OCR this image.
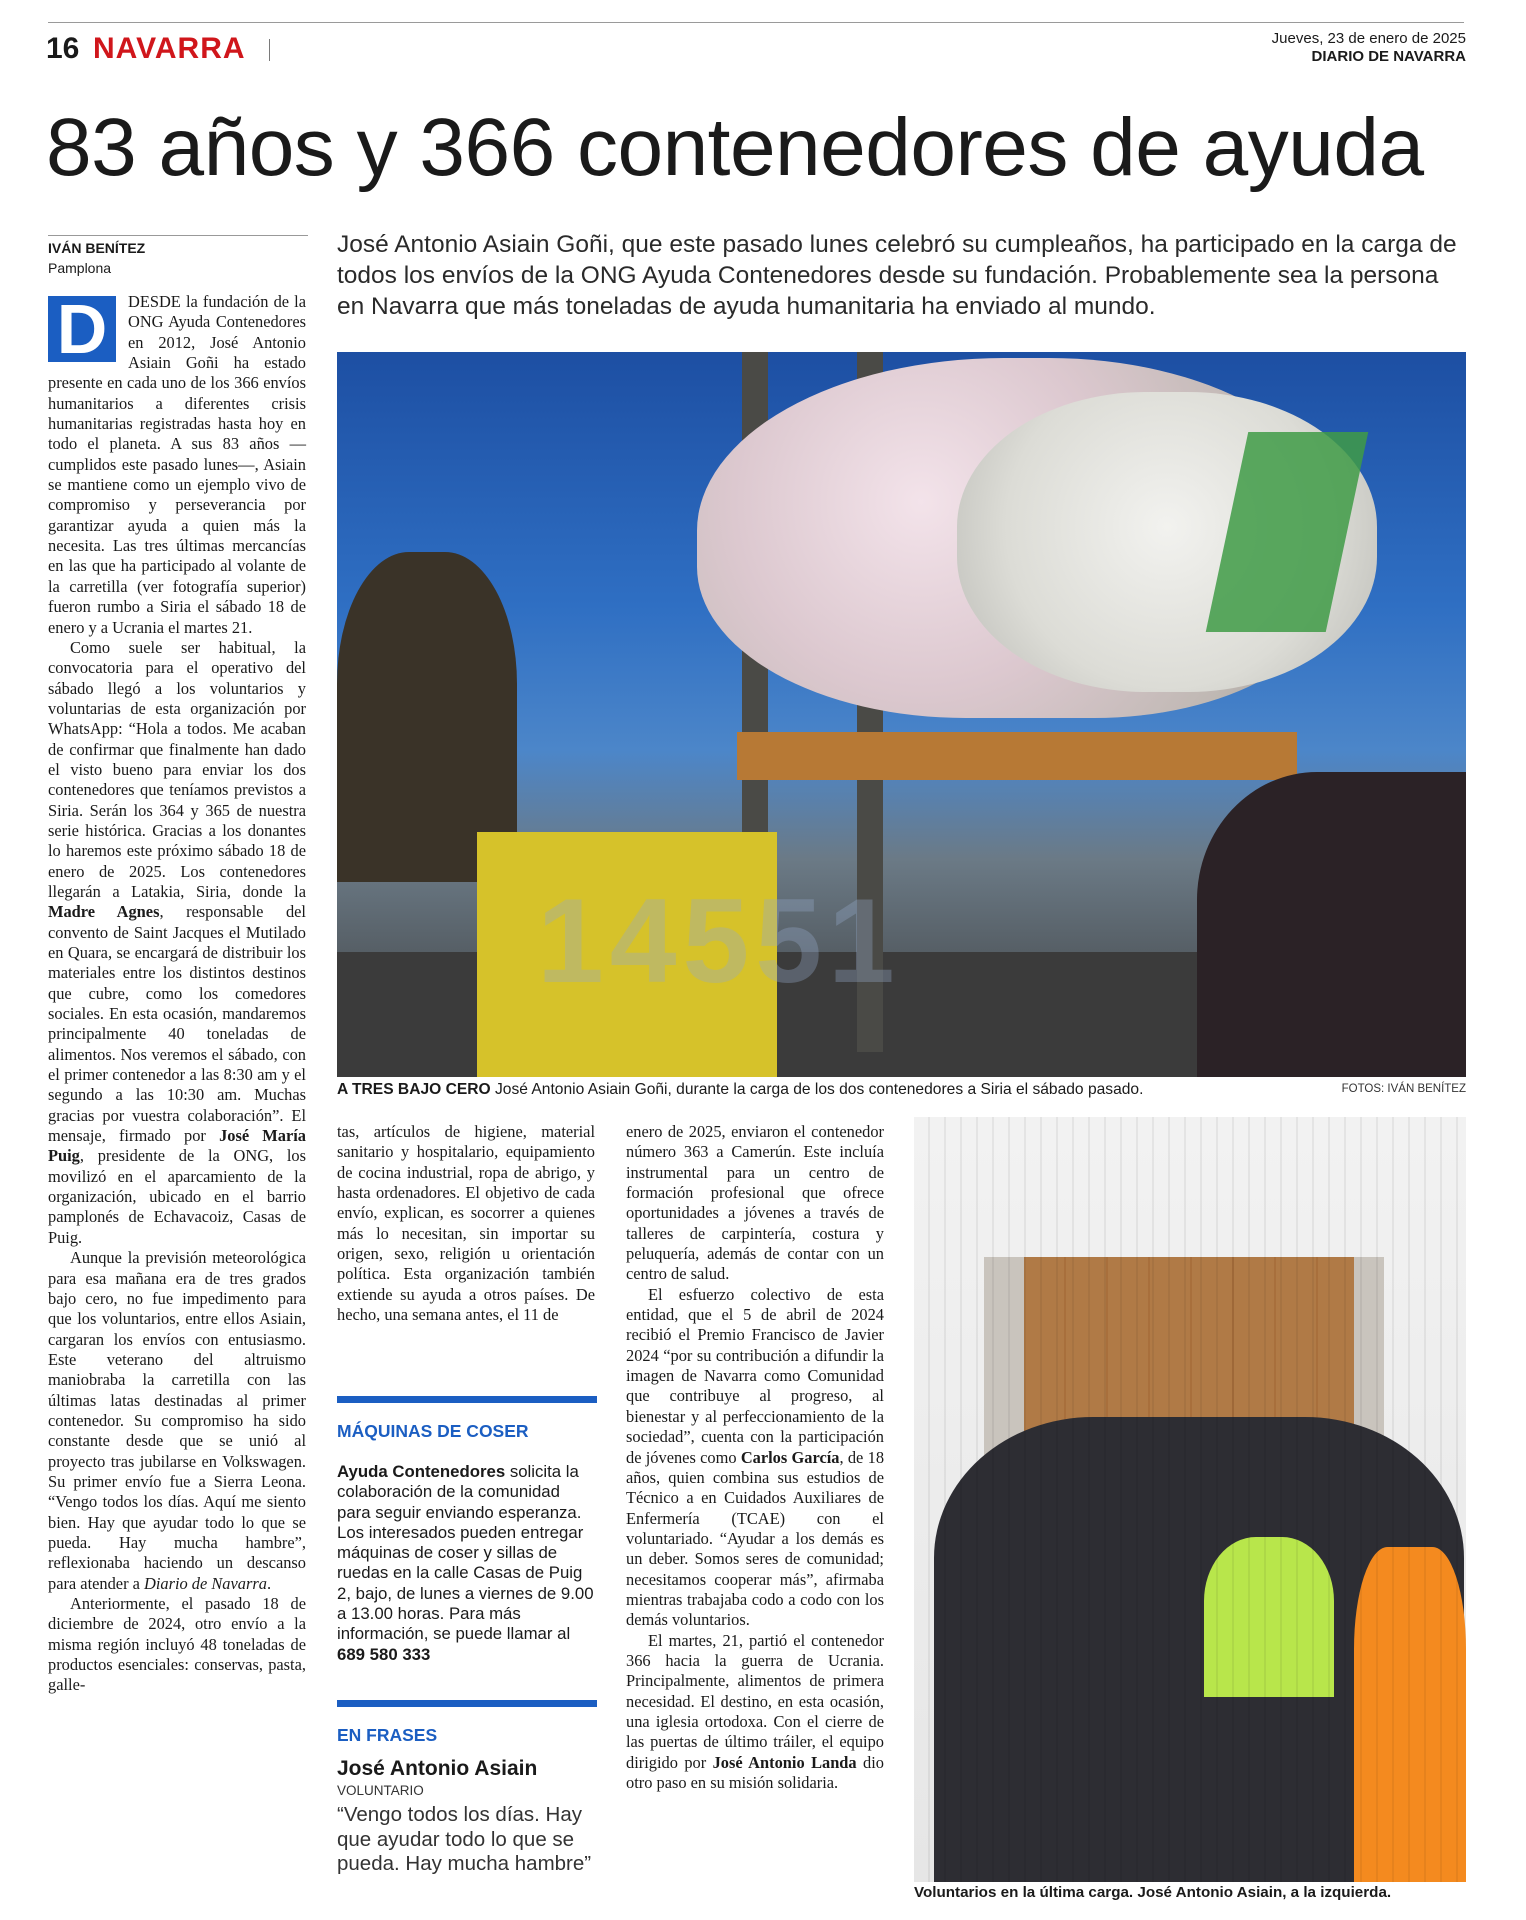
16 NAVARRA	Jueves, 23 de enero de 2025
DIARIO DE NAVARRA
83 años y 366 contenedores de ayuda
IVÁN BENÍTEZ
Pamplona
José Antonio Asiain Goñi, que este pasado lunes celebró su cumpleaños, ha participado en la carga de todos los envíos de la ONG Ayuda Contenedores desde su fundación. Probablemente sea la persona en Navarra que más toneladas de ayuda humanitaria ha enviado al mundo.

D	DESDE la fundación de la ONG Ayuda Contenedores en 2012, José Antonio Asiain Goñi ha estado presente en cada uno de los 366 envíos humanitarios a diferentes crisis humanitarias registradas hasta hoy en todo el planeta. A sus 83 años —cumplidos este pasado lunes—, Asiain se mantiene como un ejemplo vivo de compromiso y perseverancia por garantizar ayuda a quien más la necesita. Las tres últimas mercancías en las que ha participado al volante de la carretilla (ver fotografía superior) fueron rumbo a Siria el sábado 18 de enero y a Ucrania el martes 21.

Como suele ser habitual, la convocatoria para el operativo del sábado llegó a los voluntarios y voluntarias de esta organización por WhatsApp: “Hola a todos. Me acaban de confirmar que finalmente han dado el visto bueno para enviar los dos contenedores que teníamos previstos a Siria. Serán los 364 y 365 de nuestra serie histórica. Gracias a los donantes lo haremos este próximo sábado 18 de enero de 2025. Los contenedores llegarán a Latakia, Siria, donde la Madre Agnes, responsable del convento de Saint Jacques el Mutilado en Quara, se encargará de distribuir los materiales entre los distintos destinos que cubre, como los comedores sociales. En esta ocasión, mandaremos principalmente 40 toneladas de alimentos. Nos veremos el sábado, con el primer contenedor a las 8:30 am y el segundo a las 10:30 am. Muchas gracias por vuestra colaboración”. El mensaje, firmado por José María Puig, presidente de la ONG, los movilizó en el aparcamiento de la organización, ubicado en el barrio pamplonés de Echavacoiz, Casas de Puig.

Aunque la previsión meteorológica para esa mañana era de tres grados bajo cero, no fue impedimento para que los voluntarios, entre ellos Asiain, cargaran los envíos con entusiasmo. Este veterano del altruismo maniobraba la carretilla con las últimas latas destinadas al primer contenedor. Su compromiso ha sido constante desde que se unió al proyecto tras jubilarse en Volkswagen. Su primer envío fue a Sierra Leona. “Vengo todos los días. Aquí me siento bien. Hay que ayudar todo lo que se pueda. Hay mucha hambre”, reflexionaba haciendo un descanso para atender a Diario de Navarra.

Anteriormente, el pasado 18 de diciembre de 2024, otro envío a la misma región incluyó 48 toneladas de productos esenciales: conservas, pasta, galle-

14551
A TRES BAJO CERO José Antonio Asiain Goñi, durante la carga de los dos contenedores a Siria el sábado pasado.	FOTOS: IVÁN BENÍTEZ

tas, artículos de higiene, material sanitario y hospitalario, equipamiento de cocina industrial, ropa de abrigo, y hasta ordenadores. El objetivo de cada envío, explican, es socorrer a quienes más lo necesitan, sin importar su origen, sexo, religión u orientación política. Esta organización también extiende su ayuda a otros países. De hecho, una semana antes, el 11 de

MÁQUINAS DE COSER
Ayuda Contenedores solicita la colaboración de la comunidad para seguir enviando esperanza. Los interesados pueden entregar máquinas de coser y sillas de ruedas en la calle Casas de Puig 2, bajo, de lunes a viernes de 9.00 a 13.00 horas. Para más información, se puede llamar al 689 580 333
EN FRASES
José Antonio Asiain
VOLUNTARIO
“Vengo todos los días. Hay que ayudar todo lo que se pueda. Hay mucha hambre”

enero de 2025, enviaron el contenedor número 363 a Camerún. Este incluía instrumental para un centro de formación profesional que ofrece oportunidades a jóvenes a través de talleres de carpintería, costura y peluquería, además de contar con un centro de salud.

El esfuerzo colectivo de esta entidad, que el 5 de abril de 2024 recibió el Premio Francisco de Javier 2024 “por su contribución a difundir la imagen de Navarra como Comunidad que contribuye al progreso, al bienestar y al perfeccionamiento de la sociedad”, cuenta con la participación de jóvenes como Carlos García, de 18 años, quien combina sus estudios de Técnico a en Cuidados Auxiliares de Enfermería (TCAE) con el voluntariado. “Ayudar a los demás es un deber. Somos seres de comunidad; necesitamos cooperar más”, afirmaba mientras trabajaba codo a codo con los demás voluntarios.

El martes, 21, partió el contenedor 366 hacia la guerra de Ucrania. Principalmente, alimentos de primera necesidad. El destino, en esta ocasión, una iglesia ortodoxa. Con el cierre de las puertas de último tráiler, el equipo dirigido por José Antonio Landa dio otro paso en su misión solidaria.

Voluntarios en la última carga. José Antonio Asiain, a la izquierda.
